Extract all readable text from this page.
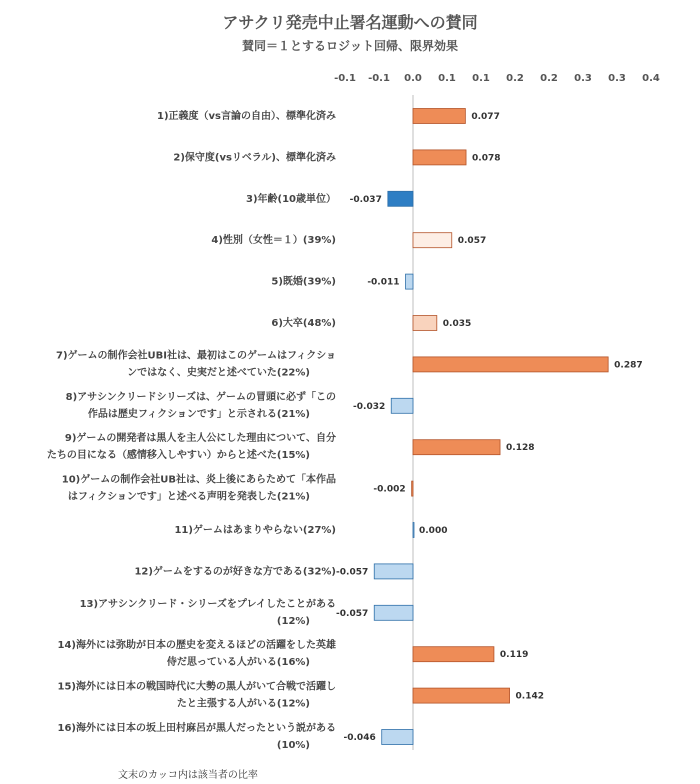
アサクリ発売中止署名運動への賛同
賛同＝１とするロジット回帰、限界効果
文末のカッコ内は該当者の比率
-0.1 -0.1 0.0 0.1 0.1 0.2 0.2 0.3 0.3 0.4
0.077
1)正義度（vs言論の自由）、標準化済み
0.078
2)保守度(vsリベラル)、標準化済み
-0.037
3)年齢(10歳単位）
0.057
4)性別（女性＝１）(39%)
-0.011
5)既婚(39%)
0.035
6)大卒(48%)
0.287
7)ゲームの制作会社UBI社は、最初はこのゲームはフィクションではなく、史実だと述べていた(22%)
-0.032
8)アサシンクリードシリーズは、ゲームの冒頭に必ず「この作品は歴史フィクションです」と示される(21%)
0.128
9)ゲームの開発者は黒人を主人公にした理由について、自分たちの目になる（感情移入しやすい）からと述べた(15%)
-0.002
10)ゲームの制作会社UB社は、炎上後にあらためて「本作品はフィクションです」と述べる声明を発表した(21%)
0.000
11)ゲームはあまりやらない(27%)
-0.057
12)ゲームをするのが好きな方である(32%)
-0.057
13)アサシンクリード・シリーズをプレイしたことがある(12%)
0.119
14)海外には弥助が日本の歴史を変えるほどの活躍をした英雄侍だ思っている人がいる(16%)
0.142
15)海外には日本の戦国時代に大勢の黒人がいて合戦で活躍したと主張する人がいる(12%)
-0.046
16)海外には日本の坂上田村麻呂が黒人だったという説がある(10%)
